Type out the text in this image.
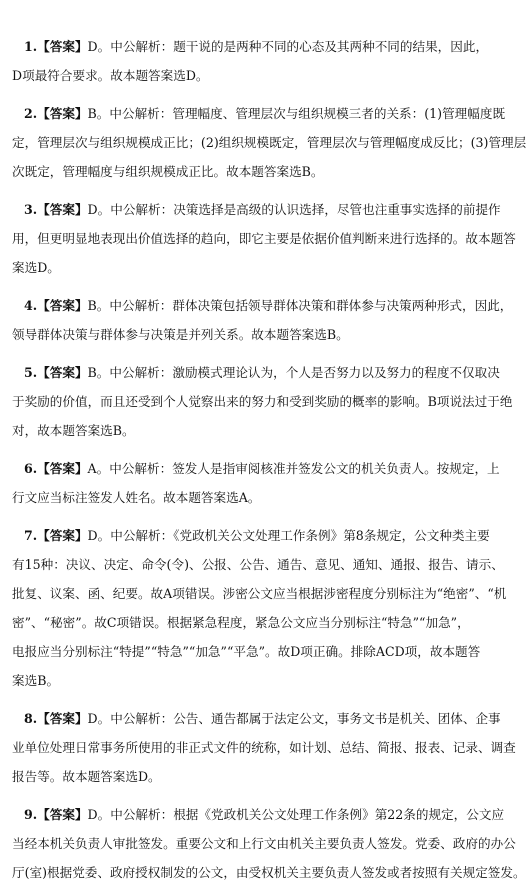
1.【答案】D。中公解析：题干说的是两种不同的心态及其两种不同的结果，因此，
D项最符合要求。故本题答案选D。
2.【答案】B。中公解析：管理幅度、管理层次与组织规模三者的关系：(1)管理幅度既
定，管理层次与组织规模成正比；(2)组织规模既定，管理层次与管理幅度成反比；(3)管理层
次既定，管理幅度与组织规模成正比。故本题答案选B。
3.【答案】D。中公解析：决策选择是高级的认识选择，尽管也注重事实选择的前提作
用，但更明显地表现出价值选择的趋向，即它主要是依据价值判断来进行选择的。故本题答
案选D。
4.【答案】B。中公解析：群体决策包括领导群体决策和群体参与决策两种形式，因此，
领导群体决策与群体参与决策是并列关系。故本题答案选B。
5.【答案】B。中公解析：激励模式理论认为，个人是否努力以及努力的程度不仅取决
于奖励的价值，而且还受到个人觉察出来的努力和受到奖励的概率的影响。B项说法过于绝
对，故本题答案选B。
6.【答案】A。中公解析：签发人是指审阅核准并签发公文的机关负责人。按规定，上
行文应当标注签发人姓名。故本题答案选A。
7.【答案】D。中公解析：《党政机关公文处理工作条例》第8条规定，公文种类主要
有15种：决议、决定、命令(令)、公报、公告、通告、意见、通知、通报、报告、请示、
批复、议案、函、纪要。故A项错误。涉密公文应当根据涉密程度分别标注为“绝密”、“机
密”、“秘密”。故C项错误。根据紧急程度，紧急公文应当分别标注“特急”“加急”，
电报应当分别标注“特提”“特急”“加急”“平急”。故D项正确。排除ACD项，故本题答
案选B。
8.【答案】D。中公解析：公告、通告都属于法定公文，事务文书是机关、团体、企事
业单位处理日常事务所使用的非正式文件的统称，如计划、总结、简报、报表、记录、调查
报告等。故本题答案选D。
9.【答案】D。中公解析：根据《党政机关公文处理工作条例》第22条的规定，公文应
当经本机关负责人审批签发。重要公文和上行文由机关主要负责人签发。党委、政府的办公
厅(室)根据党委、政府授权制发的公文，由受权机关主要负责人签发或者按照有关规定签发。
